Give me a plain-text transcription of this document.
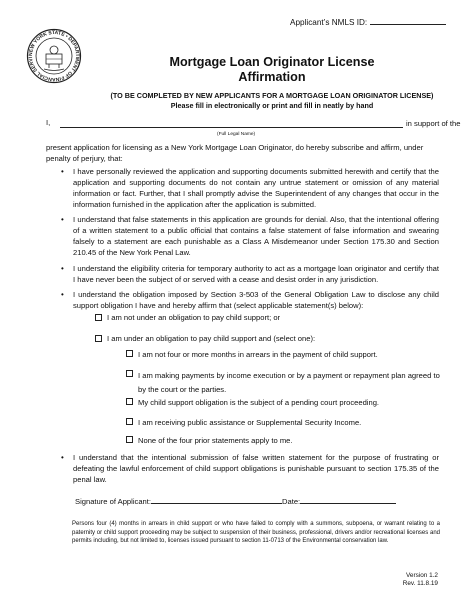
Applicant’s NMLS ID:
NEW YORK STATE • DEPARTMENT OF FINANCIAL SERVI	Mortgage Loan Originator License
Affirmation
(TO BE COMPLETED BY NEW APPLICANTS FOR A MORTGAGE LOAN ORIGINATOR LICENSE)
Please fill in electronically or print and fill in neatly by hand
I,	in support of the
(Full Legal Name)
present application for licensing as a New York Mortgage Loan Originator, do hereby subscribe and affirm, under penalty of perjury, that:
• I have personally reviewed the application and supporting documents submitted herewith and certify that the application and supporting documents do not contain any untrue statement or omission of any material information or fact. Further, that I shall promptly advise the Superintendent of any changes that occur in the information furnished in the application after the application is submitted.
• I understand that false statements in this application are grounds for denial. Also, that the intentional offering of a written statement to a public official that contains a false statement of false information and swearing falsely to a statement are each punishable as a Class A Misdemeanor under Section 175.30 and Section 210.45 of the New York Penal Law.
• I understand the eligibility criteria for temporary authority to act as a mortgage loan originator and certify that I have never been the subject of or served with a cease and desist order in any jurisdiction.
• I understand the obligation imposed by Section 3-503 of the General Obligation Law to disclose any child support obligation I have and hereby affirm that (select applicable statement(s) below):
I am not under an obligation to pay child support; or
I am under an obligation to pay child support and (select one):
I am not four or more months in arrears in the payment of child support.
I am making payments by income execution or by a payment or repayment plan agreed to by the court or the parties.
My child support obligation is the subject of a pending court proceeding.
I am receiving public assistance or Supplemental Security Income.
None of the four prior statements apply to me.
• I understand that the intentional submission of false written statement for the purpose of frustrating or defeating the lawful enforcement of child support obligations is punishable pursuant to section 175.35 of the penal law.
Signature of Applicant:	Date:
Persons four (4) months in arrears in child support or who have failed to comply with a summons, subpoena, or warrant relating to a paternity or child support proceeding may be subject to suspension of their business, professional, drivers and/or recreational licenses and permits including, but not limited to, licenses issued pursuant to section 11-0713 of the Environmental conservation law.
Version 1.2
Rev. 11.8.19
